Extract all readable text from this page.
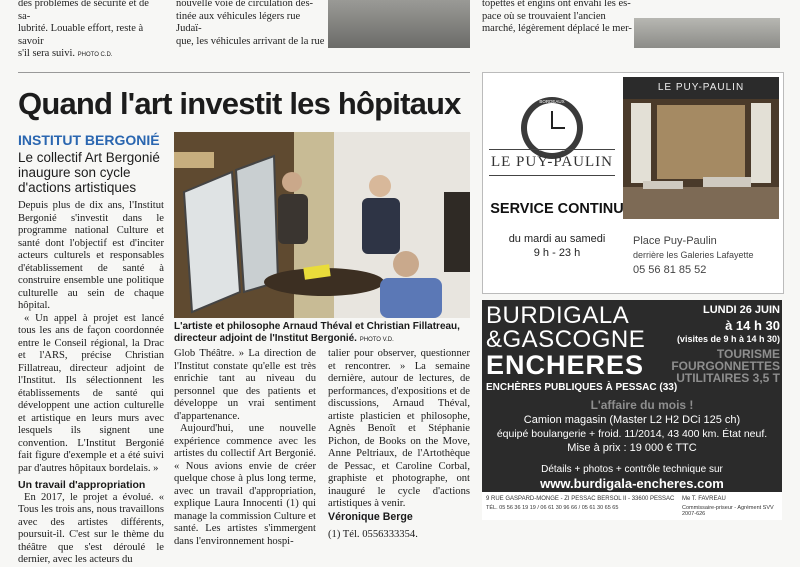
des problèmes de sécurité et de sa-
lubrité. Louable effort, reste à savoir
s'il sera suivi. PHOTO C.D.
nouvelle voie de circulation des-
tinée aux véhicules légers rue Judaï-
que, les véhicules arrivant de la rue
topettes et engins ont envahi les es-
pace où se trouvaient l'ancien
marché, légèrement déplacé le mer-
Quand l'art investit les hôpitaux
INSTITUT BERGONIÉ
Le collectif Art Bergonié inaugure son cycle d'actions artistiques
L'artiste et philosophe Arnaud Théval et Christian Fillatreau, directeur adjoint de l'Institut Bergonié. PHOTO V.D.

Depuis plus de dix ans, l'Institut Bergonié s'investit dans le programme national Culture et santé dont l'objectif est d'inciter acteurs culturels et responsables d'établissement de santé à construire ensemble une politique culturelle au sein de chaque hôpital.

« Un appel à projet est lancé tous les ans de façon coordonnée entre le Conseil régional, la Drac et l'ARS, précise Christian Fillatreau, directeur adjoint de l'Institut. Ils sélectionnent les établissements de santé qui développent une action culturelle et artistique en leurs murs avec lesquels ils signent une convention. L'Institut Bergonié fait figure d'exemple et a été suivi par d'autres hôpitaux bordelais. »

Un travail d'appropriation

En 2017, le projet a évolué. « Tous les trois ans, nous travaillons avec des artistes différents, poursuit-il. C'est sur le thème du théâtre que s'est déroulé le dernier, avec les acteurs du

Glob Théâtre. » La direction de l'Institut constate qu'elle est très enrichie tant au niveau du personnel que des patients et développe un vrai sentiment d'appartenance.

Aujourd'hui, une nouvelle expérience commence avec les artistes du collectif Art Bergonié. « Nous avions envie de créer quelque chose à plus long terme, avec un travail d'appropriation, explique Laura Innocenti (1) qui manage la commission Culture et santé. Les artistes s'immergent dans l'environnement hospi-

talier pour observer, questionner et rencontrer. » La semaine dernière, autour de lectures, de performances, d'expositions et de discussions, Arnaud Théval, artiste plasticien et philosophe, Agnès Benoît et Stéphanie Pichon, de Books on the Move, Anne Peltriaux, de l'Artothèque de Pessac, et Caroline Corbal, graphiste et photographe, ont inauguré le cycle d'actions artistiques à venir.

Véronique Berge

(1) Tél. 0556333354.

SAINT-PAUL
BORDEAUX
LE PUY-PAULIN
LE PUY-PAULIN
SERVICE CONTINU
du mardi au samedi
9 h - 23 h
Place Puy-Paulin
derrière les Galeries Lafayette
05 56 81 85 52
BURDIGALA
&GASCOGNE
ENCHERES
ENCHÈRES PUBLIQUES À PESSAC (33)
LUNDI 26 JUIN
à 14 h 30
(visites de 9 h à 14 h 30)
TOURISME FOURGONNETTES UTILITAIRES 3,5 T
L'affaire du mois !
Camion magasin (Master L2 H2 DCi 125 ch)
équipé boulangerie + froid. 11/2014, 43 400 km. État neuf.
Mise à prix : 19 000 € TTC
Détails + photos + contrôle technique sur
www.burdigala-encheres.com
9 RUE GASPARD-MONGE - ZI PESSAC BERSOL II - 33600 PESSAC
TÉL. 05 56 36 19 19 / 06 61 30 96 66 / 05 61 30 65 65
Me T. FAVREAU
Commissaire-priseur - Agrément SVV 2007-626
